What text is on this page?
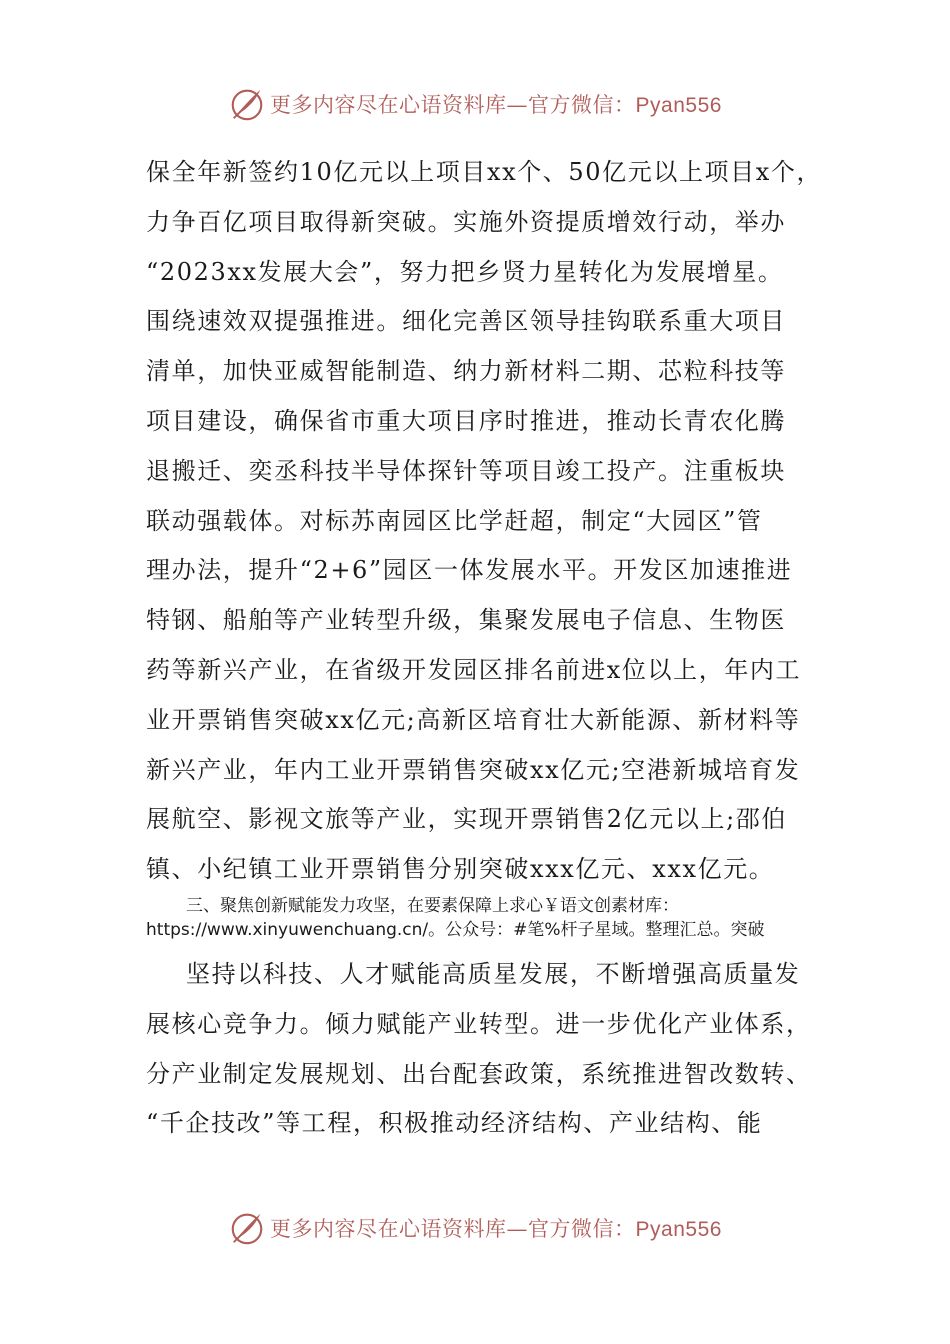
更多内容尽在心语资料库—官方微信：Pyan556
保全年新签约10亿元以上项目xx个、50亿元以上项目x个，
力争百亿项目取得新突破。实施外资提质增效行动，举办
“2023xx发展大会”，努力把乡贤力星转化为发展增星。
围绕速效双提强推进。细化完善区领导挂钩联系重大项目
清单，加快亚威智能制造、纳力新材料二期、芯粒科技等
项目建设，确保省市重大项目序时推进，推动长青农化腾
退搬迁、奕丞科技半导体探针等项目竣工投产。注重板块
联动强载体。对标苏南园区比学赶超，制定“大园区”管
理办法，提升“2+6”园区一体发展水平。开发区加速推进
特钢、船舶等产业转型升级，集聚发展电子信息、生物医
药等新兴产业，在省级开发园区排名前进x位以上，年内工
业开票销售突破xx亿元;高新区培育壮大新能源、新材料等
新兴产业，年内工业开票销售突破xx亿元;空港新城培育发
展航空、影视文旅等产业，实现开票销售2亿元以上;邵伯
镇、小纪镇工业开票销售分别突破xxx亿元、xxx亿元。
三、聚焦创新赋能发力攻坚，在要素保障上求心￥语文创素材库：
https://www.xinyuwenchuang.cn/。公众号：#笔%杆子星域。整理汇总。突破
坚持以科技、人才赋能高质星发展，不断增强高质量发
展核心竞争力。倾力赋能产业转型。进一步优化产业体系，
分产业制定发展规划、出台配套政策，系统推进智改数转、
“千企技改”等工程，积极推动经济结构、产业结构、能
更多内容尽在心语资料库—官方微信：Pyan556
